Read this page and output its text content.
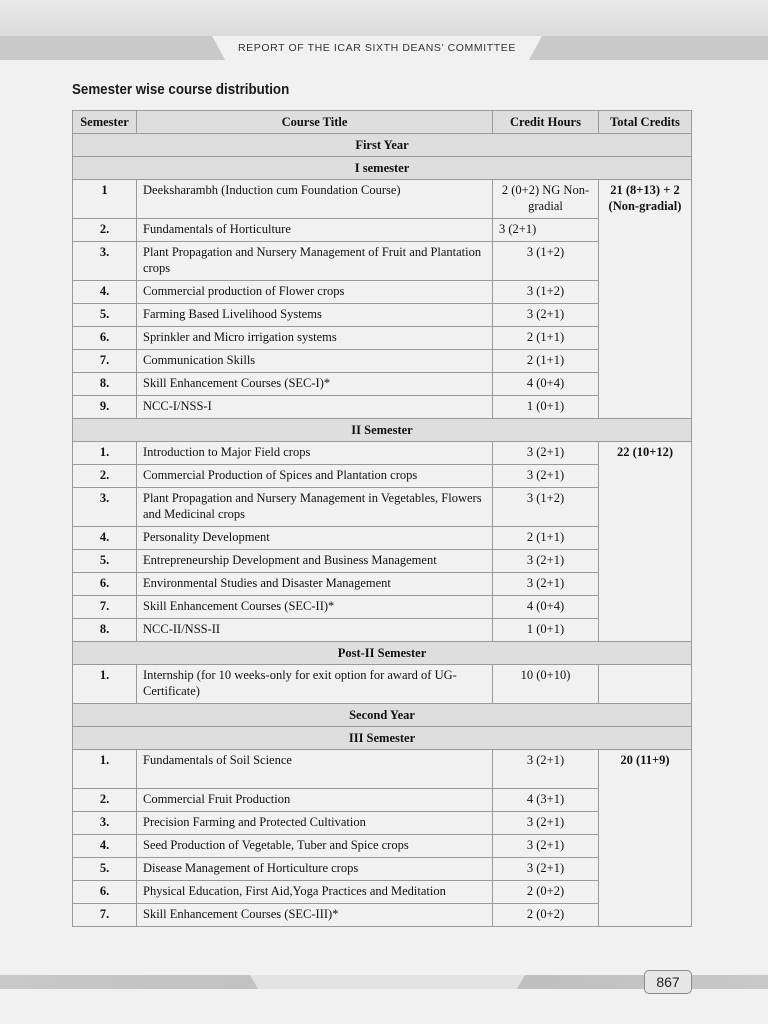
REPORT OF THE ICAR SIXTH DEANS’ COMMITTEE
Semester wise course distribution
Semester	Course Title	Credit Hours	Total Credits
First Year			
I semester			
1	Deeksharambh (Induction cum Foundation Course)	2 (0+2) NG Non-gradial	21 (8+13) + 2 (Non-gradial)
2.	Fundamentals of Horticulture	3 (2+1)	
3.	Plant Propagation and Nursery Management of Fruit and Plantation crops	3 (1+2)	
4.	Commercial production of Flower crops	3 (1+2)	
5.	Farming Based Livelihood Systems	3 (2+1)	
6.	Sprinkler and Micro irrigation systems	2 (1+1)	
7.	Communication Skills	2 (1+1)	
8.	Skill Enhancement Courses (SEC-I)*	4 (0+4)	
9.	NCC-I/NSS-I	1 (0+1)	
II Semester			
1.	Introduction to Major Field crops	3 (2+1)	22 (10+12)
2.	Commercial Production of Spices and Plantation crops	3 (2+1)	
3.	Plant Propagation and Nursery Management in Vegetables, Flowers and Medicinal crops	3 (1+2)	
4.	Personality Development	2 (1+1)	
5.	Entrepreneurship Development and Business Management	3 (2+1)	
6.	Environmental Studies and Disaster Management	3 (2+1)	
7.	Skill Enhancement Courses (SEC-II)*	4 (0+4)	
8.	NCC-II/NSS-II	1 (0+1)	
Post-II Semester			
1.	Internship (for 10 weeks-only for exit option for award of UG-Certificate)	10 (0+10)	
Second Year			
III Semester			
1.	Fundamentals of Soil Science	3 (2+1)	20 (11+9)
2.	Commercial Fruit Production	4 (3+1)	
3.	Precision Farming and Protected Cultivation	3 (2+1)	
4.	Seed Production of Vegetable, Tuber and Spice crops	3 (2+1)	
5.	Disease Management of Horticulture crops	3 (2+1)	
6.	Physical Education, First Aid,Yoga Practices and Meditation	2 (0+2)	
7.	Skill Enhancement Courses (SEC-III)*	2 (0+2)	
867
